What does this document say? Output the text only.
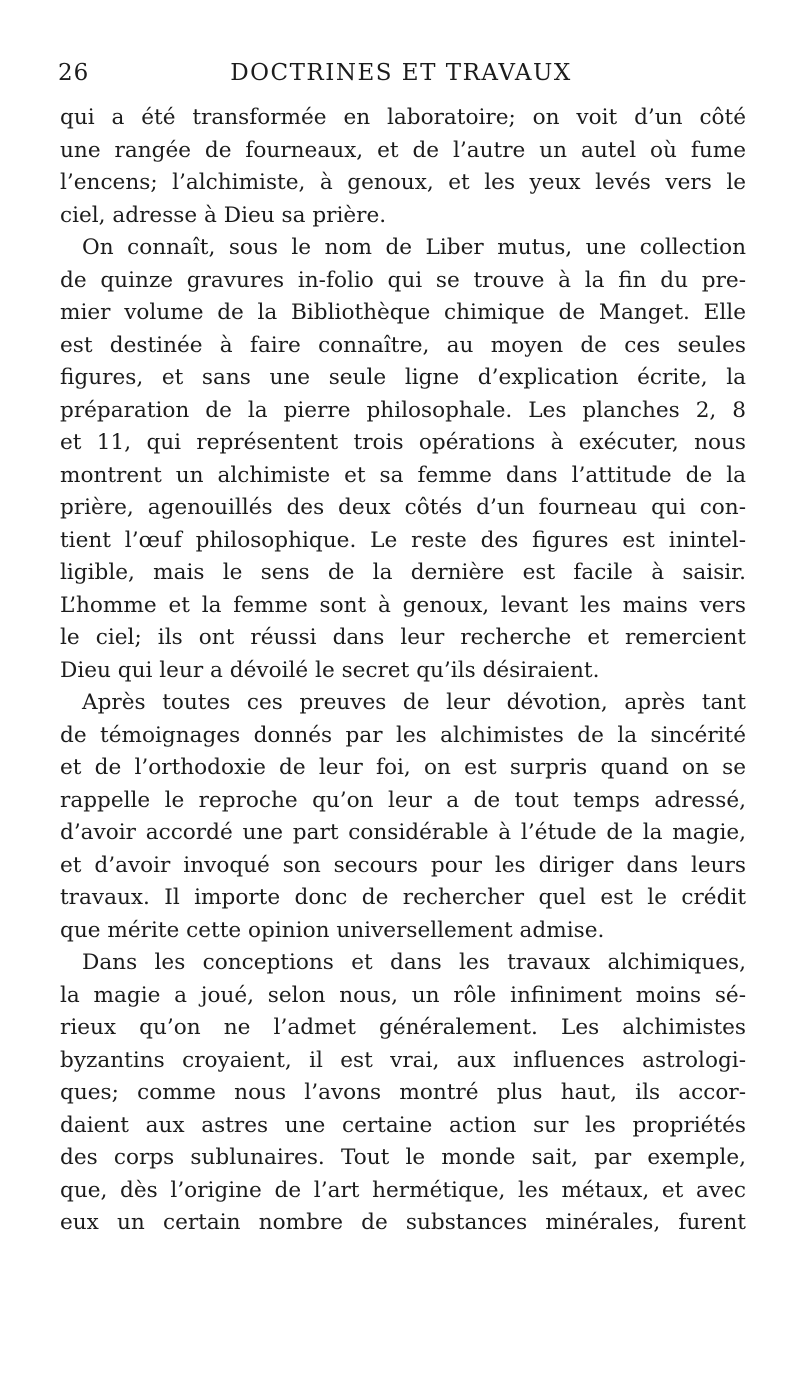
26	DOCTRINES ET TRAVAUX
qui a été transformée en laboratoire; on voit d’un côté
une rangée de fourneaux, et de l’autre un autel où fume
l’encens; l’alchimiste, à genoux, et les yeux levés vers le
ciel, adresse à Dieu sa prière.
On connaît, sous le nom de Liber mutus, une collection
de quinze gravures in-folio qui se trouve à la fin du pre-
mier volume de la Bibliothèque chimique de Manget. Elle
est destinée à faire connaître, au moyen de ces seules
figures, et sans une seule ligne d’explication écrite, la
préparation de la pierre philosophale. Les planches 2, 8
et 11, qui représentent trois opérations à exécuter, nous
montrent un alchimiste et sa femme dans l’attitude de la
prière, agenouillés des deux côtés d’un fourneau qui con-
tient l’œuf philosophique. Le reste des figures est inintel-
ligible, mais le sens de la dernière est facile à saisir.
L’homme et la femme sont à genoux, levant les mains vers
le ciel; ils ont réussi dans leur recherche et remercient
Dieu qui leur a dévoilé le secret qu’ils désiraient.
Après toutes ces preuves de leur dévotion, après tant
de témoignages donnés par les alchimistes de la sincérité
et de l’orthodoxie de leur foi, on est surpris quand on se
rappelle le reproche qu’on leur a de tout temps adressé,
d’avoir accordé une part considérable à l’étude de la magie,
et d’avoir invoqué son secours pour les diriger dans leurs
travaux. Il importe donc de rechercher quel est le crédit
que mérite cette opinion universellement admise.
Dans les conceptions et dans les travaux alchimiques,
la magie a joué, selon nous, un rôle infiniment moins sé-
rieux qu’on ne l’admet généralement. Les alchimistes
byzantins croyaient, il est vrai, aux influences astrologi-
ques; comme nous l’avons montré plus haut, ils accor-
daient aux astres une certaine action sur les propriétés
des corps sublunaires. Tout le monde sait, par exemple,
que, dès l’origine de l’art hermétique, les métaux, et avec
eux un certain nombre de substances minérales, furent
